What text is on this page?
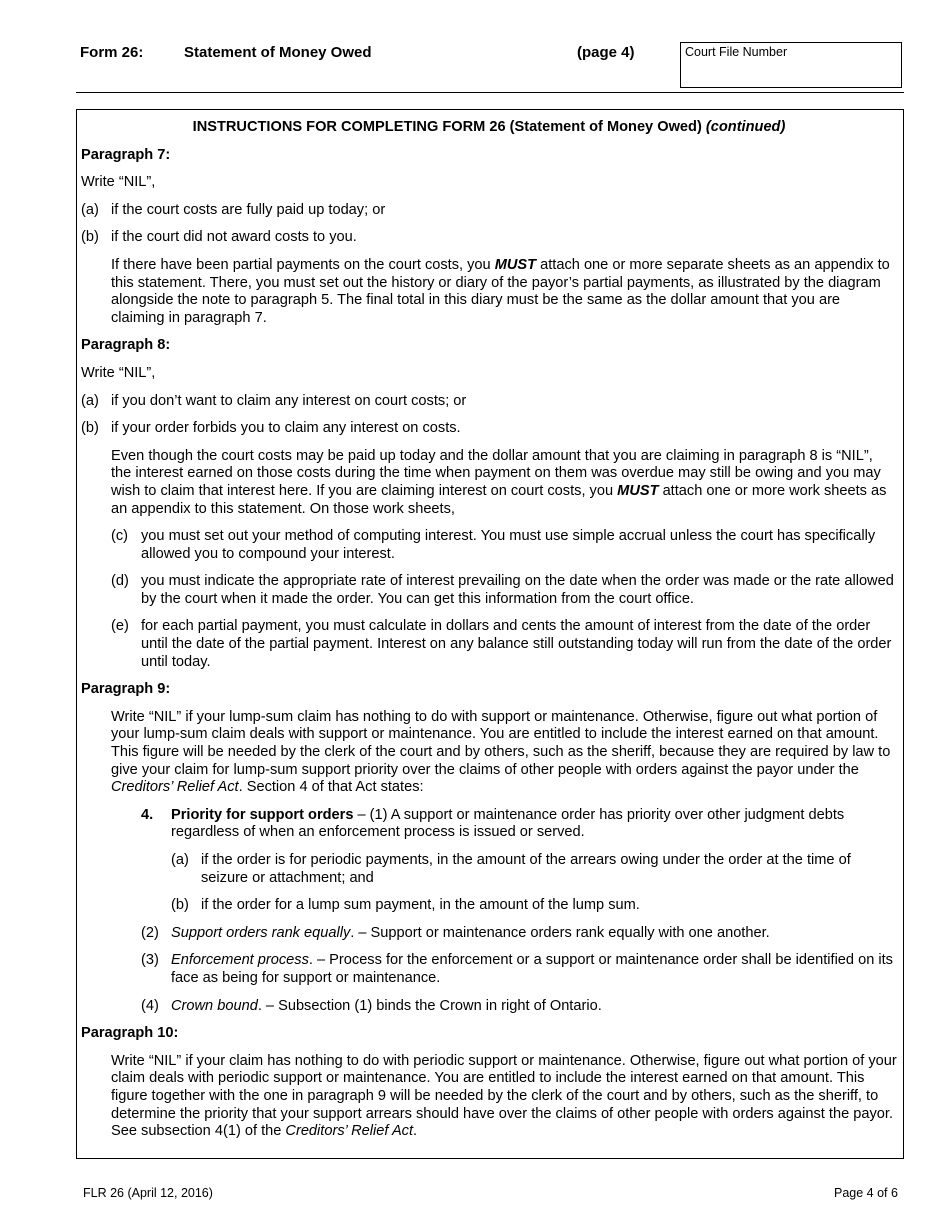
Form 26:	Statement of Money Owed	(page 4)	Court File Number
INSTRUCTIONS FOR COMPLETING FORM 26 (Statement of Money Owed) (continued)
Paragraph 7:
Write “NIL”,
(a) if the court costs are fully paid up today; or
(b) if the court did not award costs to you.
If there have been partial payments on the court costs, you MUST attach one or more separate sheets as an appendix to this statement. There, you must set out the history or diary of the payor’s partial payments, as illustrated by the diagram alongside the note to paragraph 5. The final total in this diary must be the same as the dollar amount that you are claiming in paragraph 7.
Paragraph 8:
Write “NIL”,
(a) if you don’t want to claim any interest on court costs; or
(b) if your order forbids you to claim any interest on costs.
Even though the court costs may be paid up today and the dollar amount that you are claiming in paragraph 8 is “NIL”, the interest earned on those costs during the time when payment on them was overdue may still be owing and you may wish to claim that interest here. If you are claiming interest on court costs, you MUST attach one or more work sheets as an appendix to this statement. On those work sheets,
(c) you must set out your method of computing interest. You must use simple accrual unless the court has specifically allowed you to compound your interest.
(d) you must indicate the appropriate rate of interest prevailing on the date when the order was made or the rate allowed by the court when it made the order. You can get this information from the court office.
(e) for each partial payment, you must calculate in dollars and cents the amount of interest from the date of the order until the date of the partial payment. Interest on any balance still outstanding today will run from the date of the order until today.
Paragraph 9:
Write “NIL” if your lump-sum claim has nothing to do with support or maintenance. Otherwise, figure out what portion of your lump-sum claim deals with support or maintenance. You are entitled to include the interest earned on that amount.
This figure will be needed by the clerk of the court and by others, such as the sheriff, because they are required by law to give your claim for lump-sum support priority over the claims of other people with orders against the payor under the Creditors’ Relief Act. Section 4 of that Act states:
4.	Priority for support orders – (1) A support or maintenance order has priority over other judgment debts regardless of when an enforcement process is issued or served.
(a) if the order is for periodic payments, in the amount of the arrears owing under the order at the time of seizure or attachment; and
(b) if the order for a lump sum payment, in the amount of the lump sum.
(2) Support orders rank equally. – Support or maintenance orders rank equally with one another.
(3) Enforcement process. – Process for the enforcement or a support or maintenance order shall be identified on its face as being for support or maintenance.
(4) Crown bound. – Subsection (1) binds the Crown in right of Ontario.
Paragraph 10:
Write “NIL” if your claim has nothing to do with periodic support or maintenance. Otherwise, figure out what portion of your claim deals with periodic support or maintenance. You are entitled to include the interest earned on that amount. This figure together with the one in paragraph 9 will be needed by the clerk of the court and by others, such as the sheriff, to determine the priority that your support arrears should have over the claims of other people with orders against the payor. See subsection 4(1) of the Creditors’ Relief Act.
FLR 26 (April 12, 2016)	Page 4 of 6
